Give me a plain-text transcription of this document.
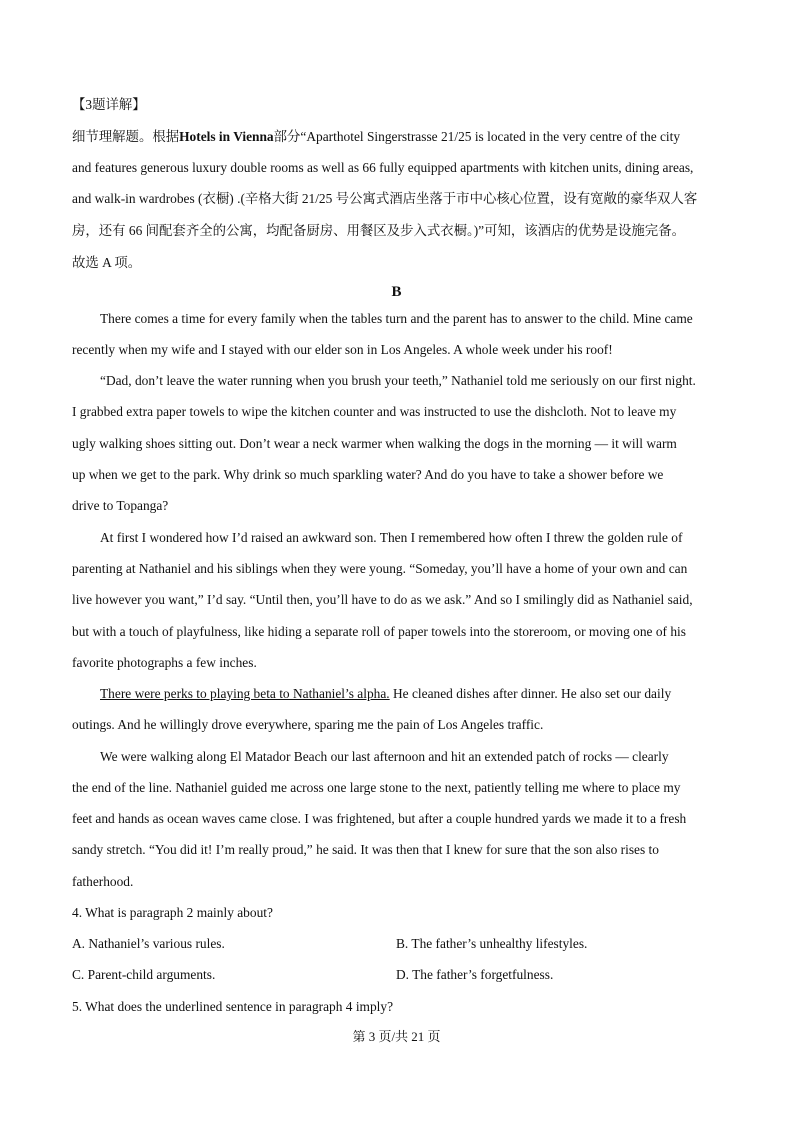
【3题详解】
细节理解题。根据Hotels in Vienna部分“Aparthotel Singerstrasse 21/25 is located in the very centre of the city
and features generous luxury double rooms as well as 66 fully equipped apartments with kitchen units, dining areas,
and walk-in wardrobes (衣橱) .(辛格大街 21/25 号公寓式酒店坐落于市中心核心位置，设有宽敞的豪华双人客
房，还有 66 间配套齐全的公寓，均配备厨房、用餐区及步入式衣橱。)”可知，该酒店的优势是设施完备。
故选 A 项。
B
There comes a time for every family when the tables turn and the parent has to answer to the child. Mine came
recently when my wife and I stayed with our elder son in Los Angeles. A whole week under his roof!
“Dad, don’t leave the water running when you brush your teeth,” Nathaniel told me seriously on our first night.
I grabbed extra paper towels to wipe the kitchen counter and was instructed to use the dishcloth. Not to leave my
ugly walking shoes sitting out. Don’t wear a neck warmer when walking the dogs in the morning — it will warm
up when we get to the park. Why drink so much sparkling water? And do you have to take a shower before we
drive to Topanga?
At first I wondered how I’d raised an awkward son. Then I remembered how often I threw the golden rule of
parenting at Nathaniel and his siblings when they were young. “Someday, you’ll have a home of your own and can
live however you want,” I’d say. “Until then, you’ll have to do as we ask.” And so I smilingly did as Nathaniel said,
but with a touch of playfulness, like hiding a separate roll of paper towels into the storeroom, or moving one of his
favorite photographs a few inches.
There were perks to playing beta to Nathaniel’s alpha. He cleaned dishes after dinner. He also set our daily
outings. And he willingly drove everywhere, sparing me the pain of Los Angeles traffic.
We were walking along El Matador Beach our last afternoon and hit an extended patch of rocks — clearly
the end of the line. Nathaniel guided me across one large stone to the next, patiently telling me where to place my
feet and hands as ocean waves came close. I was frightened, but after a couple hundred yards we made it to a fresh
sandy stretch. “You did it! I’m really proud,” he said. It was then that I knew for sure that the son also rises to
fatherhood.
4. What is paragraph 2 mainly about?
A. Nathaniel’s various rules.	B. The father’s unhealthy lifestyles.
C. Parent-child arguments.	D. The father’s forgetfulness.
5. What does the underlined sentence in paragraph 4 imply?
第 3 页/共 21 页
